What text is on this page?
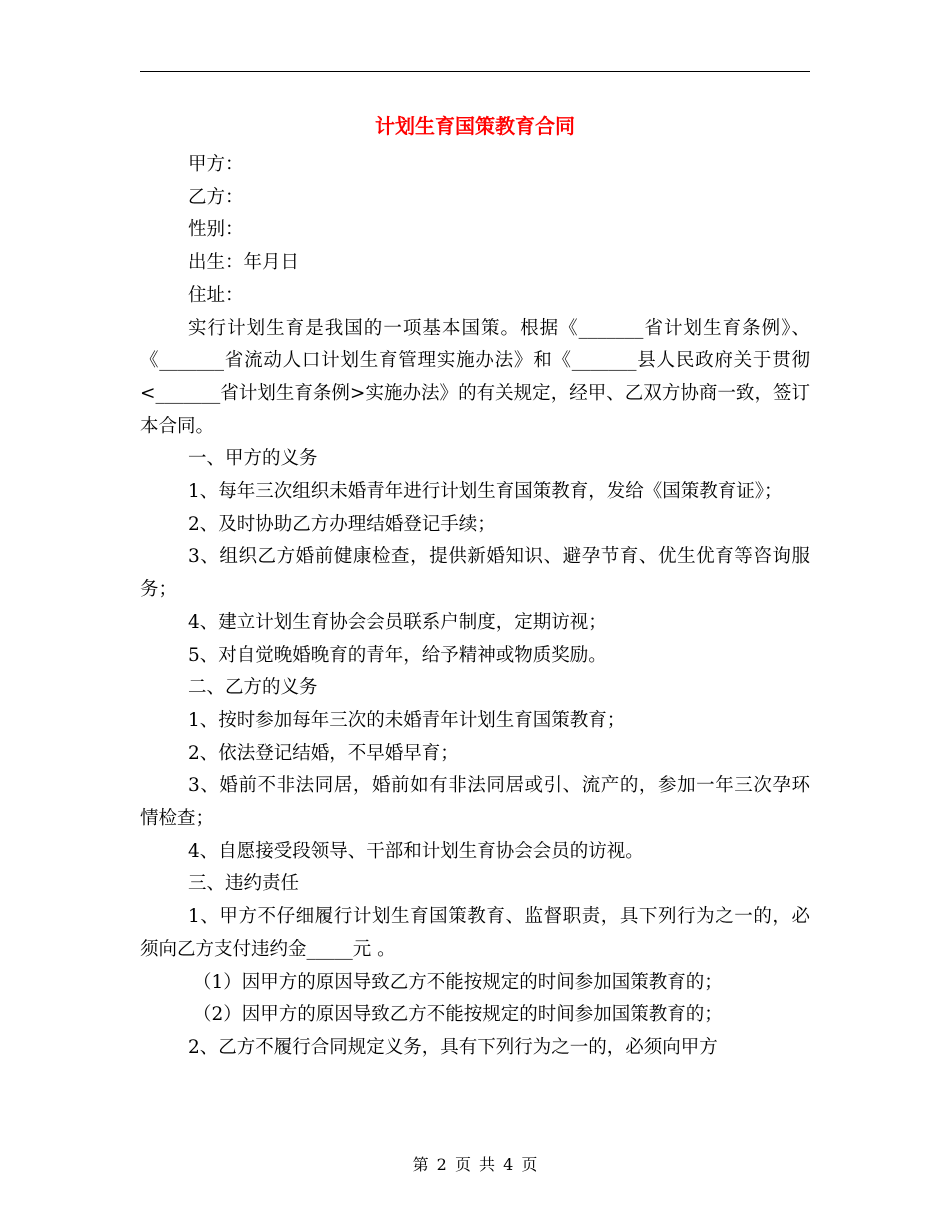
计划生育国策教育合同

甲方：

乙方：

性别：

出生：年月日

住址：

实行计划生育是我国的一项基本国策。根据《_______省计划生育条例》、《_______省流动人口计划生育管理实施办法》和《_______县人民政府关于贯彻<_______省计划生育条例>实施办法》的有关规定，经甲、乙双方协商一致，签订本合同。

一、甲方的义务

1、每年三次组织未婚青年进行计划生育国策教育，发给《国策教育证》；

2、及时协助乙方办理结婚登记手续；

3、组织乙方婚前健康检查，提供新婚知识、避孕节育、优生优育等咨询服务；

4、建立计划生育协会会员联系户制度，定期访视；

5、对自觉晚婚晚育的青年，给予精神或物质奖励。

二、乙方的义务

1、按时参加每年三次的未婚青年计划生育国策教育；

2、依法登记结婚，不早婚早育；

3、婚前不非法同居，婚前如有非法同居或引、流产的，参加一年三次孕环情检查；

4、自愿接受段领导、干部和计划生育协会会员的访视。

三、违约责任

1、甲方不仔细履行计划生育国策教育、监督职责，具下列行为之一的，必须向乙方支付违约金_____元 。

（1）因甲方的原因导致乙方不能按规定的时间参加国策教育的；

（2）因甲方的原因导致乙方不能按规定的时间参加国策教育的；

2、乙方不履行合同规定义务，具有下列行为之一的，必须向甲方

第 2 页 共 4 页
